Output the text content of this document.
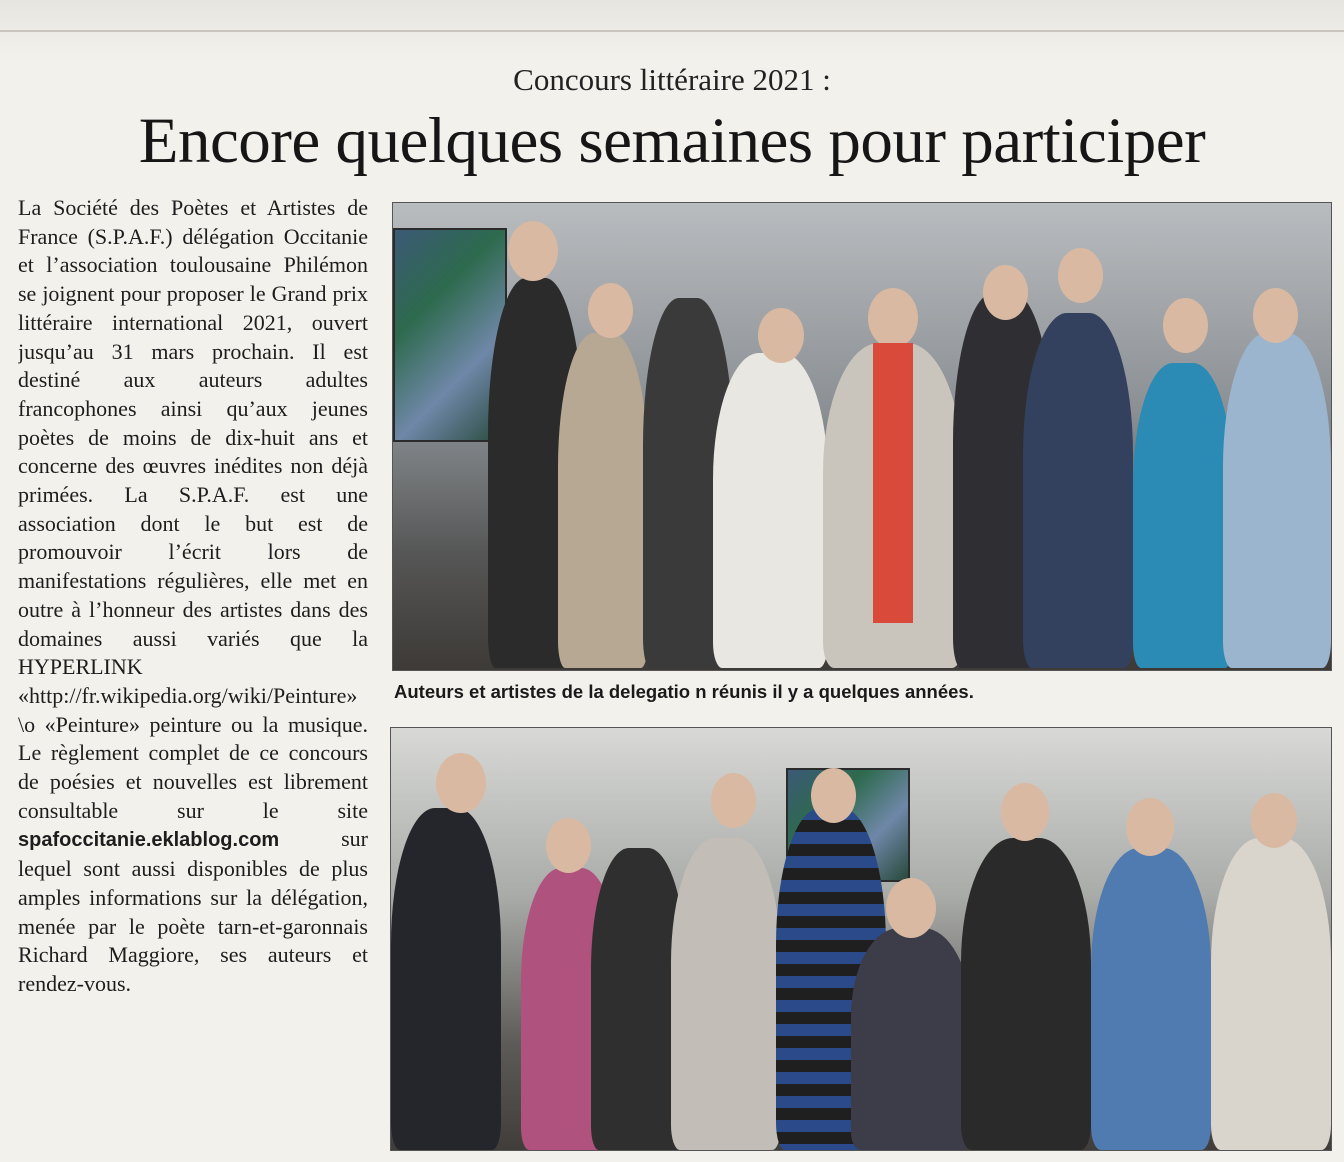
Concours littéraire 2021 :
Encore quelques semaines pour participer

La Société des Poètes et Artistes de France (S.P.A.F.) délégation Occitanie et l’association toulousaine Philémon se joignent pour proposer le Grand prix littéraire international 2021, ouvert jusqu’au 31 mars prochain. Il est destiné aux auteurs adultes francophones ainsi qu’aux jeunes poètes de moins de dix-huit ans et concerne des œuvres inédites non déjà primées. La S.P.A.F. est une association dont le but est de promouvoir l’écrit lors de manifestations régulières, elle met en outre à l’honneur des artistes dans des domaines aussi variés que la HYPERLINK «http://fr.wikipedia.org/wiki/Peinture» \o «Peinture» peinture ou la musique. Le règlement complet de ce concours de poésies et nouvelles est librement consultable sur le site spafoccitanie.eklablog.com	sur lequel sont aussi disponibles de plus amples informations sur la délégation, menée par le poète tarn-et-garonnais Richard Maggiore, ses auteurs et rendez-vous.

Auteurs et artistes de la delegatio n réunis il y a quelques années.
